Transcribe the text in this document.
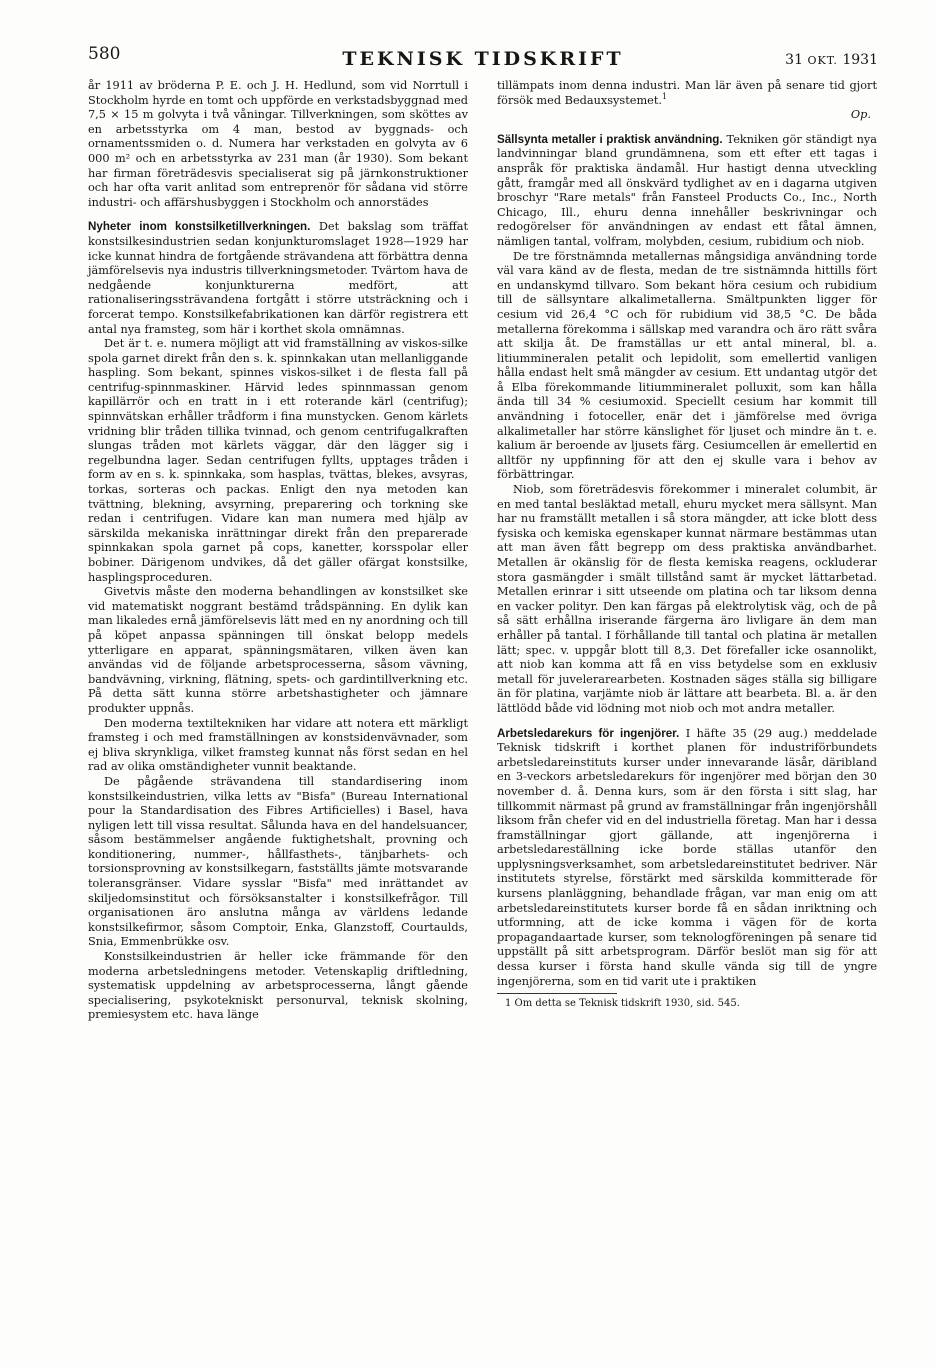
580	TEKNISK TIDSKRIFT	31 OKT. 1931

år 1911 av bröderna P. E. och J. H. Hedlund, som vid Norrtull i Stockholm hyrde en tomt och uppförde en verkstadsbyggnad med 7,5 × 15 m golvyta i två våningar. Tillverkningen, som sköttes av en arbetsstyrka om 4 man, bestod av byggnads- och ornamentssmiden o. d. Numera har verkstaden en golvyta av 6 000 m² och en arbetsstyrka av 231 man (år 1930). Som bekant har firman företrädesvis specialiserat sig på järnkonstruktioner och har ofta varit anlitad som entreprenör för sådana vid större industri- och affärshusbyggen i Stockholm och annorstädes

Nyheter inom konstsilketillverkningen. Det bakslag som träffat konstsilkesindustrien sedan konjunkturomslaget 1928—1929 har icke kunnat hindra de fortgående strävandena att förbättra denna jämförelsevis nya industris tillverkningsmetoder. Tvärtom hava de nedgående konjunkturerna medfört, att rationaliseringssträvandena fortgått i större utsträckning och i forcerat tempo. Konstsilkefabrikationen kan därför registrera ett antal nya framsteg, som här i korthet skola omnämnas.

Det är t. e. numera möjligt att vid framställning av viskos-silke spola garnet direkt från den s. k. spinnkakan utan mellanliggande haspling. Som bekant, spinnes viskos-silket i de flesta fall på centrifug-spinnmaskiner. Härvid ledes spinnmassan genom kapillärrör och en tratt in i ett roterande kärl (centrifug); spinnvätskan erhåller trådform i fina munstycken. Genom kärlets vridning blir tråden tillika tvinnad, och genom centrifugalkraften slungas tråden mot kärlets väggar, där den lägger sig i regelbundna lager. Sedan centrifugen fyllts, upptages tråden i form av en s. k. spinnkaka, som hasplas, tvättas, blekes, avsyras, torkas, sorteras och packas. Enligt den nya metoden kan tvättning, blekning, avsyrning, preparering och torkning ske redan i centrifugen. Vidare kan man numera med hjälp av särskilda mekaniska inrättningar direkt från den preparerade spinnkakan spola garnet på cops, kanetter, korsspolar eller bobiner. Därigenom undvikes, då det gäller ofärgat konstsilke, hasplingsproceduren.

Givetvis måste den moderna behandlingen av konstsilket ske vid matematiskt noggrant bestämd trådspänning. En dylik kan man likaledes ernå jämförelsevis lätt med en ny anordning och till på köpet anpassa spänningen till önskat belopp medels ytterligare en apparat, spänningsmätaren, vilken även kan användas vid de följande arbetsprocesserna, såsom vävning, bandvävning, virkning, flätning, spets- och gardintillverkning etc. På detta sätt kunna större arbetshastigheter och jämnare produkter uppnås.

Den moderna textiltekniken har vidare att notera ett märkligt framsteg i och med framställningen av konstsidenvävnader, som ej bliva skrynkliga, vilket framsteg kunnat nås först sedan en hel rad av olika omständigheter vunnit beaktande.

De pågående strävandena till standardisering inom konstsilkeindustrien, vilka letts av "Bisfa" (Bureau International pour la Standardisation des Fibres Artificielles) i Basel, hava nyligen lett till vissa resultat. Sålunda hava en del handelsuancer, såsom bestämmelser angående fuktighetshalt, provning och konditionering, nummer-, hållfasthets-, tänjbarhets- och torsionsprovning av konstsilkegarn, fastställts jämte motsvarande toleransgränser. Vidare sysslar "Bisfa" med inrättandet av skiljedomsinstitut och försöksanstalter i konstsilkefrågor. Till organisationen äro anslutna många av världens ledande konstsilkefirmor, såsom Comptoir, Enka, Glanzstoff, Courtaulds, Snia, Emmenbrükke osv.

Konstsilkeindustrien är heller icke främmande för den moderna arbetsledningens metoder. Vetenskaplig driftledning, systematisk uppdelning av arbetsprocesserna, långt gående specialisering, psykotekniskt personurval, teknisk skolning, premiesystem etc. hava länge

tillämpats inom denna industri. Man lär även på senare tid gjort försök med Bedauxsystemet.$^1$

Op.

Sällsynta metaller i praktisk användning. Tekniken gör ständigt nya landvinningar bland grundämnena, som ett efter ett tagas i anspråk för praktiska ändamål. Hur hastigt denna utveckling gått, framgår med all önskvärd tydlighet av en i dagarna utgiven broschyr "Rare metals" från Fansteel Products Co., Inc., North Chicago, Ill., ehuru denna innehåller beskrivningar och redogörelser för användningen av endast ett fåtal ämnen, nämligen tantal, volfram, molybden, cesium, rubidium och niob.

De tre förstnämnda metallernas mångsidiga användning torde väl vara känd av de flesta, medan de tre sistnämnda hittills fört en undanskymd tillvaro. Som bekant höra cesium och rubidium till de sällsyntare alkalimetallerna. Smältpunkten ligger för cesium vid 26,4 °C och för rubidium vid 38,5 °C. De båda metallerna förekomma i sällskap med varandra och äro rätt svåra att skilja åt. De framställas ur ett antal mineral, bl. a. litiummineralen petalit och lepidolit, som emellertid vanligen hålla endast helt små mängder av cesium. Ett undantag utgör det å Elba förekommande litiummineralet polluxit, som kan hålla ända till 34 % cesiumoxid. Speciellt cesium har kommit till användning i fotoceller, enär det i jämförelse med övriga alkalimetaller har större känslighet för ljuset och mindre än t. e. kalium är beroende av ljusets färg. Cesiumcellen är emellertid en alltför ny uppfinning för att den ej skulle vara i behov av förbättringar.

Niob, som företrädesvis förekommer i mineralet columbit, är en med tantal besläktad metall, ehuru mycket mera sällsynt. Man har nu framställt metallen i så stora mängder, att icke blott dess fysiska och kemiska egenskaper kunnat närmare bestämmas utan att man även fått begrepp om dess praktiska användbarhet. Metallen är okänslig för de flesta kemiska reagens, ockluderar stora gasmängder i smält tillstånd samt är mycket lättarbetad. Metallen erinrar i sitt utseende om platina och tar liksom denna en vacker polityr. Den kan färgas på elektrolytisk väg, och de på så sätt erhållna iriserande färgerna äro livligare än dem man erhåller på tantal. I förhållande till tantal och platina är metallen lätt; spec. v. uppgår blott till 8,3. Det förefaller icke osannolikt, att niob kan komma att få en viss betydelse som en exklusiv metall för juvelerarearbeten. Kostnaden säges ställa sig billigare än för platina, varjämte niob är lättare att bearbeta. Bl. a. är den lättlödd både vid lödning mot niob och mot andra metaller.

Arbetsledarekurs för ingenjörer. I häfte 35 (29 aug.) meddelade Teknisk tidskrift i korthet planen för industriförbundets arbetsledareinstituts kurser under innevarande läsår, däribland en 3-veckors arbetsledarekurs för ingenjörer med början den 30 november d. å. Denna kurs, som är den första i sitt slag, har tillkommit närmast på grund av framställningar från ingenjörshåll liksom från chefer vid en del industriella företag. Man har i dessa framställningar gjort gällande, att ingenjörerna i arbetsledareställning icke borde ställas utanför den upplysningsverksamhet, som arbetsledareinstitutet bedriver. När institutets styrelse, förstärkt med särskilda kommitterade för kursens planläggning, behandlade frågan, var man enig om att arbetsledareinstitutets kurser borde få en sådan inriktning och utformning, att de icke komma i vägen för de korta propagandaartade kurser, som teknologföreningen på senare tid uppställt på sitt arbetsprogram. Därför beslöt man sig för att dessa kurser i första hand skulle vända sig till de yngre ingenjörerna, som en tid varit ute i praktiken

1 Om detta se Teknisk tidskrift 1930, sid. 545.
